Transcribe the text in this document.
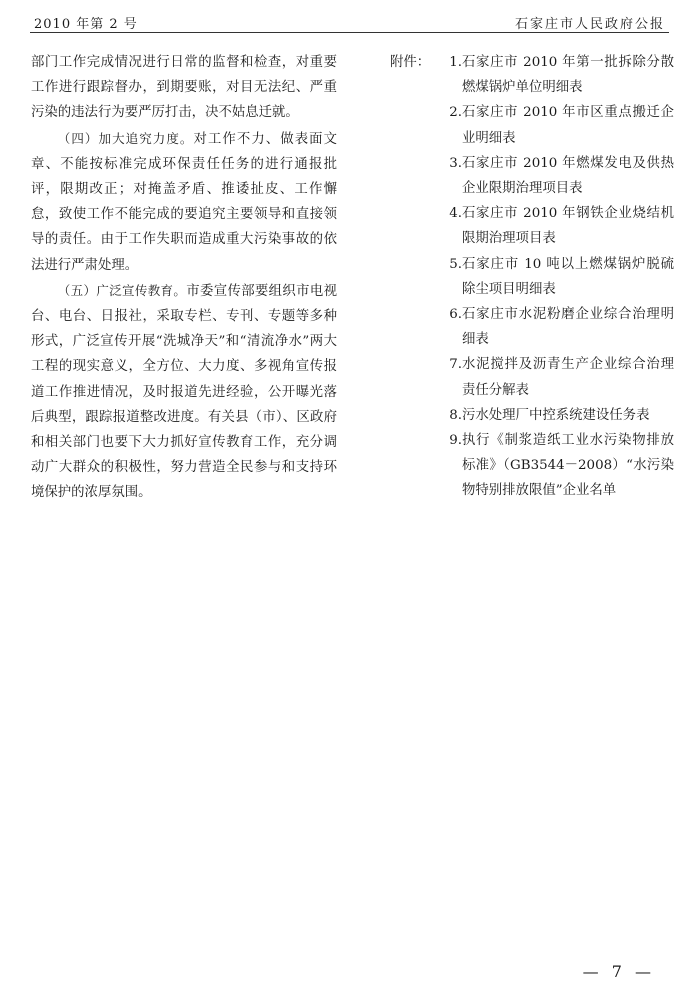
2010 年第 2 号	石家庄市人民政府公报

部门工作完成情况进行日常的监督和检查，对重要工作进行跟踪督办，到期要账，对目无法纪、严重污染的违法行为要严厉打击，决不姑息迁就。

（四）加大追究力度。对工作不力、做表面文章、不能按标准完成环保责任任务的进行通报批评，限期改正；对掩盖矛盾、推诿扯皮、工作懈怠，致使工作不能完成的要追究主要领导和直接领导的责任。由于工作失职而造成重大污染事故的依法进行严肃处理。

（五）广泛宣传教育。市委宣传部要组织市电视台、电台、日报社，采取专栏、专刊、专题等多种形式，广泛宣传开展“洗城净天”和“清流净水”两大工程的现实意义，全方位、大力度、多视角宣传报道工作推进情况，及时报道先进经验，公开曝光落后典型，跟踪报道整改进度。有关县（市）、区政府和相关部门也要下大力抓好宣传教育工作，充分调动广大群众的积极性，努力营造全民参与和支持环境保护的浓厚氛围。

附件：	1. 石家庄市 2010 年第一批拆除分散燃煤锅炉单位明细表
2. 石家庄市 2010 年市区重点搬迁企业明细表
3. 石家庄市 2010 年燃煤发电及供热企业限期治理项目表
4. 石家庄市 2010 年钢铁企业烧结机限期治理项目表
5. 石家庄市 10 吨以上燃煤锅炉脱硫除尘项目明细表
6. 石家庄市水泥粉磨企业综合治理明细表
7. 水泥搅拌及沥青生产企业综合治理责任分解表
8. 污水处理厂中控系统建设任务表
9. 执行《制浆造纸工业水污染物排放标准》（GB3544－2008）“水污染物特别排放限值”企业名单
— 7 —
